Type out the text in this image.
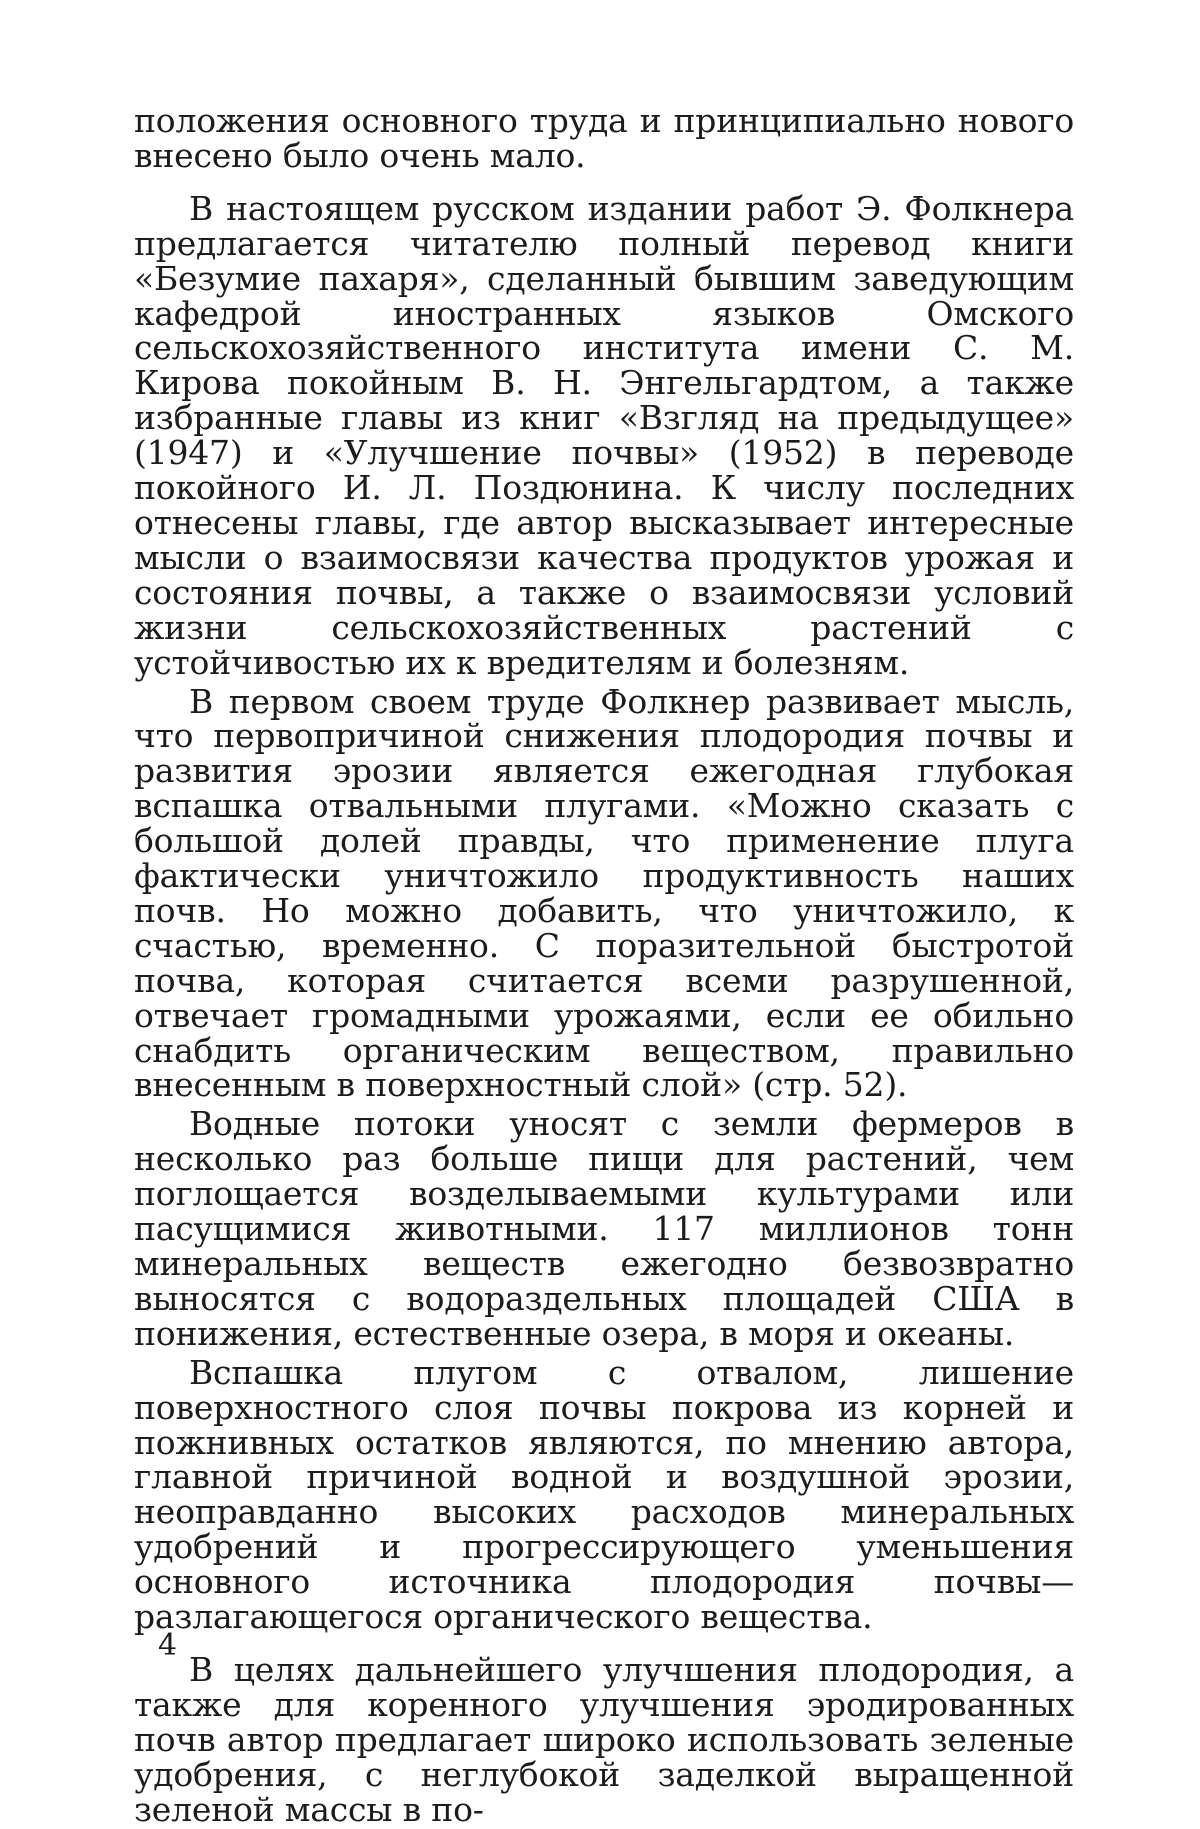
положения основного труда и принципиально нового внесено было очень мало.

В настоящем русском издании работ Э. Фолкнера предлагается читателю полный перевод книги «Безумие пахаря», сделанный бывшим заведующим кафедрой иностранных языков Омского сельскохозяйственного института имени С. М. Кирова покойным В. Н. Энгельгардтом, а также избранные главы из книг «Взгляд на предыдущее» (1947) и «Улучшение почвы» (1952) в переводе покойного И. Л. Поздюнина. К числу последних отнесены главы, где автор высказывает интересные мысли о взаимосвязи качества продуктов урожая и состояния почвы, а также о взаимосвязи условий жизни сельскохозяйственных растений с устойчивостью их к вредителям и болезням.

В первом своем труде Фолкнер развивает мысль, что первопричиной снижения плодородия почвы и развития эрозии является ежегодная глубокая вспашка отвальными плугами. «Можно сказать с большой долей правды, что применение плуга фактически уничтожило продуктивность наших почв. Но можно добавить, что уничтожило, к счастью, временно. С поразительной быстротой почва, которая считается всеми разрушенной, отвечает громадными урожаями, если ее обильно снабдить органическим веществом, правильно внесенным в поверхностный слой» (стр. 52).

Водные потоки уносят с земли фермеров в несколько раз больше пищи для растений, чем поглощается возделываемыми культурами или пасущимися животными. 117 миллионов тонн минеральных веществ ежегодно безвозвратно выносятся с водораздельных площадей США в понижения, естественные озера, в моря и океаны.

Вспашка плугом с отвалом, лишение поверхностного слоя почвы покрова из корней и пожнивных остатков являются, по мнению автора, главной причиной водной и воздушной эрозии, неоправданно высоких расходов минеральных удобрений и прогрессирующего уменьшения основного источника плодородия почвы—разлагающегося органического вещества.

В целях дальнейшего улучшения плодородия, а также для коренного улучшения эродированных почв автор предлагает широко использовать зеленые удобрения, с неглубокой заделкой выращенной зеленой массы в по-

4
